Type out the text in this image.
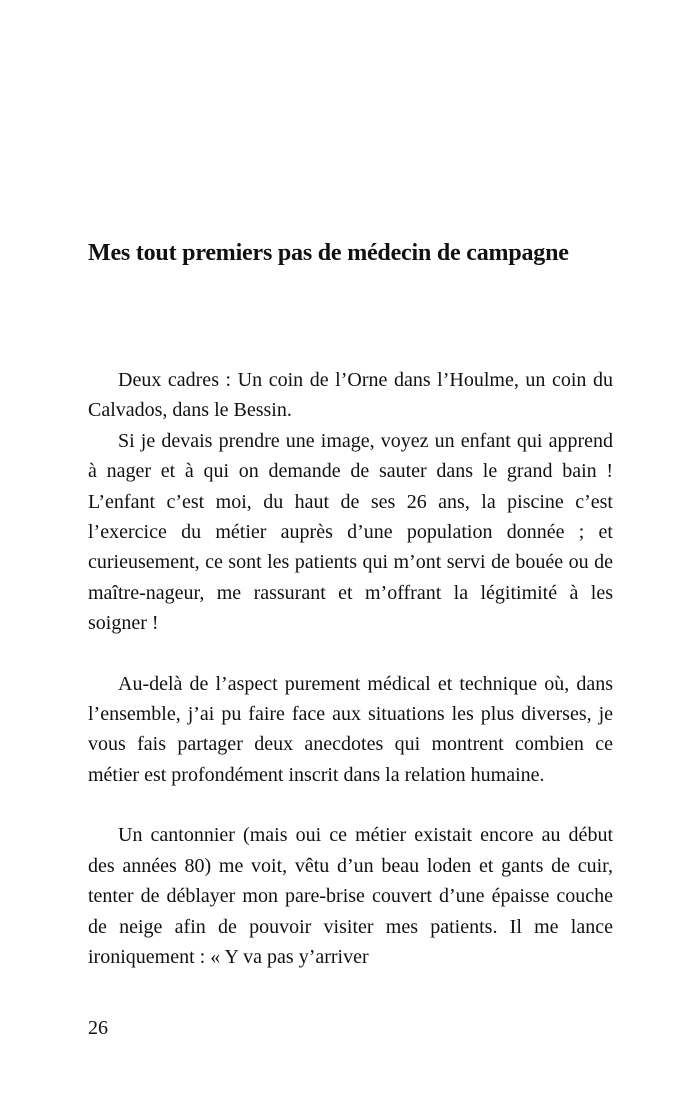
Mes tout premiers pas de médecin de campagne

Deux cadres : Un coin de l’Orne dans l’Houlme, un coin du Calvados, dans le Bessin.

Si je devais prendre une image, voyez un enfant qui apprend à nager et à qui on demande de sauter dans le grand bain ! L’enfant c’est moi, du haut de ses 26 ans, la piscine c’est l’exercice du métier auprès d’une population donnée ; et curieusement, ce sont les patients qui m’ont servi de bouée ou de maître-nageur, me rassurant et m’offrant la légitimité à les soigner !

Au-delà de l’aspect purement médical et technique où, dans l’ensemble, j’ai pu faire face aux situations les plus diverses, je vous fais partager deux anecdotes qui montrent combien ce métier est profondément inscrit dans la relation humaine.

Un cantonnier (mais oui ce métier existait encore au début des années 80) me voit, vêtu d’un beau loden et gants de cuir, tenter de déblayer mon pare-brise couvert d’une épaisse couche de neige afin de pouvoir visiter mes patients. Il me lance ironiquement : « Y va pas y’arriver

26
